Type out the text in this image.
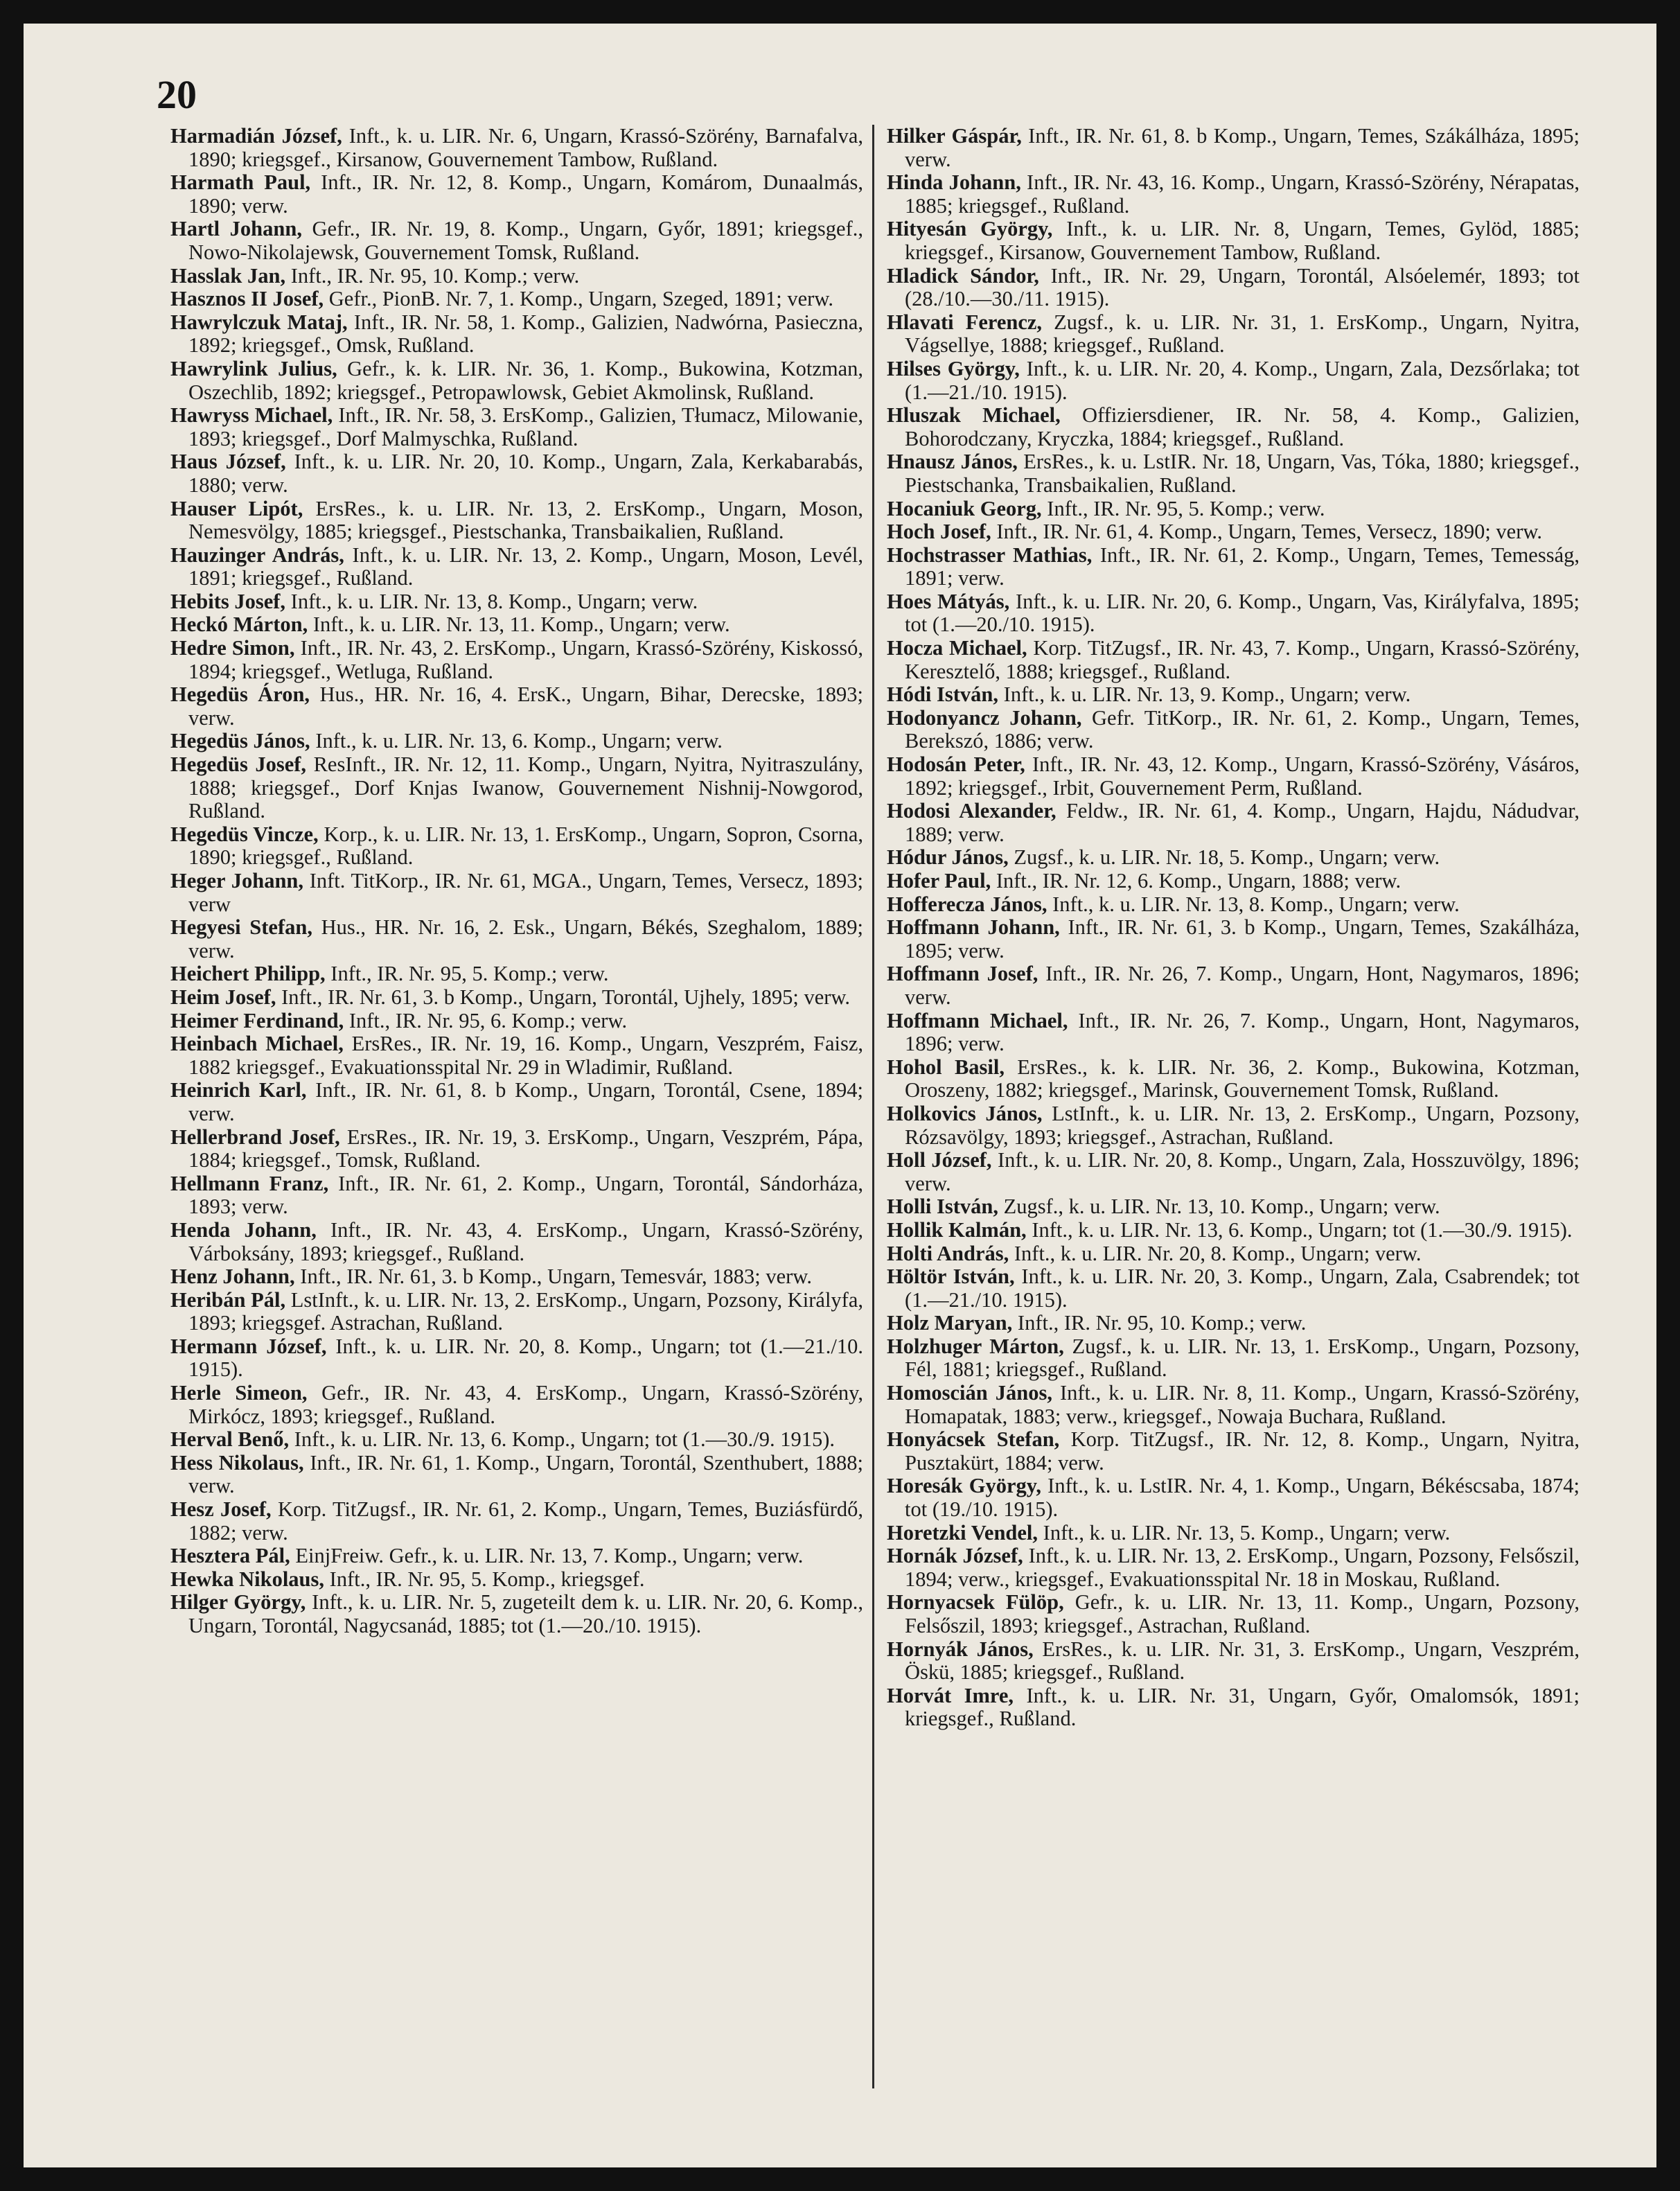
20

Harmadián József, Inft., k. u. LIR. Nr. 6, Ungarn, Krassó-Szörény, Barnafalva, 1890; kriegsgef., Kirsanow, Gouvernement Tambow, Rußland.

Harmath Paul, Inft., IR. Nr. 12, 8. Komp., Ungarn, Komárom, Dunaalmás, 1890; verw.

Hartl Johann, Gefr., IR. Nr. 19, 8. Komp., Ungarn, Győr, 1891; kriegsgef., Nowo-Nikolajewsk, Gouvernement Tomsk, Rußland.

Hasslak Jan, Inft., IR. Nr. 95, 10. Komp.; verw.

Hasznos II Josef, Gefr., PionB. Nr. 7, 1. Komp., Ungarn, Szeged, 1891; verw.

Hawrylczuk Mataj, Inft., IR. Nr. 58, 1. Komp., Galizien, Nadwórna, Pasieczna, 1892; kriegsgef., Omsk, Rußland.

Hawrylink Julius, Gefr., k. k. LIR. Nr. 36, 1. Komp., Bukowina, Kotzman, Oszechlib, 1892; kriegsgef., Petropawlowsk, Gebiet Akmolinsk, Rußland.

Hawryss Michael, Inft., IR. Nr. 58, 3. ErsKomp., Galizien, Tłumacz, Milowanie, 1893; kriegsgef., Dorf Malmyschka, Rußland.

Haus József, Inft., k. u. LIR. Nr. 20, 10. Komp., Ungarn, Zala, Kerkabarabás, 1880; verw.

Hauser Lipót, ErsRes., k. u. LIR. Nr. 13, 2. ErsKomp., Ungarn, Moson, Nemesvölgy, 1885; kriegsgef., Piestschanka, Transbaikalien, Rußland.

Hauzinger András, Inft., k. u. LIR. Nr. 13, 2. Komp., Ungarn, Moson, Levél, 1891; kriegsgef., Rußland.

Hebits Josef, Inft., k. u. LIR. Nr. 13, 8. Komp., Ungarn; verw.

Heckó Márton, Inft., k. u. LIR. Nr. 13, 11. Komp., Ungarn; verw.

Hedre Simon, Inft., IR. Nr. 43, 2. ErsKomp., Ungarn, Krassó-Szörény, Kiskossó, 1894; kriegsgef., Wetluga, Rußland.

Hegedüs Áron, Hus., HR. Nr. 16, 4. ErsK., Ungarn, Bihar, Derecske, 1893; verw.

Hegedüs János, Inft., k. u. LIR. Nr. 13, 6. Komp., Ungarn; verw.

Hegedüs Josef, ResInft., IR. Nr. 12, 11. Komp., Ungarn, Nyitra, Nyitraszulány, 1888; kriegsgef., Dorf Knjas Iwanow, Gouvernement Nishnij-Nowgorod, Rußland.

Hegedüs Vincze, Korp., k. u. LIR. Nr. 13, 1. ErsKomp., Ungarn, Sopron, Csorna, 1890; kriegsgef., Rußland.

Heger Johann, Inft. TitKorp., IR. Nr. 61, MGA., Ungarn, Temes, Versecz, 1893; verw

Hegyesi Stefan, Hus., HR. Nr. 16, 2. Esk., Ungarn, Békés, Szeghalom, 1889; verw.

Heichert Philipp, Inft., IR. Nr. 95, 5. Komp.; verw.

Heim Josef, Inft., IR. Nr. 61, 3. b Komp., Ungarn, Torontál, Ujhely, 1895; verw.

Heimer Ferdinand, Inft., IR. Nr. 95, 6. Komp.; verw.

Heinbach Michael, ErsRes., IR. Nr. 19, 16. Komp., Ungarn, Veszprém, Faisz, 1882 kriegsgef., Evakuationsspital Nr. 29 in Wladimir, Rußland.

Heinrich Karl, Inft., IR. Nr. 61, 8. b Komp., Ungarn, Torontál, Csene, 1894; verw.

Hellerbrand Josef, ErsRes., IR. Nr. 19, 3. ErsKomp., Ungarn, Veszprém, Pápa, 1884; kriegsgef., Tomsk, Rußland.

Hellmann Franz, Inft., IR. Nr. 61, 2. Komp., Ungarn, Torontál, Sándorháza, 1893; verw.

Henda Johann, Inft., IR. Nr. 43, 4. ErsKomp., Ungarn, Krassó-Szörény, Várboksány, 1893; kriegsgef., Rußland.

Henz Johann, Inft., IR. Nr. 61, 3. b Komp., Ungarn, Temesvár, 1883; verw.

Heribán Pál, LstInft., k. u. LIR. Nr. 13, 2. ErsKomp., Ungarn, Pozsony, Királyfa, 1893; kriegsgef. Astrachan, Rußland.

Hermann József, Inft., k. u. LIR. Nr. 20, 8. Komp., Ungarn; tot (1.—21./10. 1915).

Herle Simeon, Gefr., IR. Nr. 43, 4. ErsKomp., Ungarn, Krassó-Szörény, Mirkócz, 1893; kriegsgef., Rußland.

Herval Benő, Inft., k. u. LIR. Nr. 13, 6. Komp., Ungarn; tot (1.—30./9. 1915).

Hess Nikolaus, Inft., IR. Nr. 61, 1. Komp., Ungarn, Torontál, Szenthubert, 1888; verw.

Hesz Josef, Korp. TitZugsf., IR. Nr. 61, 2. Komp., Ungarn, Temes, Buziásfürdő, 1882; verw.

Hesztera Pál, EinjFreiw. Gefr., k. u. LIR. Nr. 13, 7. Komp., Ungarn; verw.

Hewka Nikolaus, Inft., IR. Nr. 95, 5. Komp., kriegsgef.

Hilger György, Inft., k. u. LIR. Nr. 5, zugeteilt dem k. u. LIR. Nr. 20, 6. Komp., Ungarn, Torontál, Nagycsanád, 1885; tot (1.—20./10. 1915).

Hilker Gáspár, Inft., IR. Nr. 61, 8. b Komp., Ungarn, Temes, Szákálháza, 1895; verw.

Hinda Johann, Inft., IR. Nr. 43, 16. Komp., Ungarn, Krassó-Szörény, Nérapatas, 1885; kriegsgef., Rußland.

Hityesán György, Inft., k. u. LIR. Nr. 8, Ungarn, Temes, Gylöd, 1885; kriegsgef., Kirsanow, Gouvernement Tambow, Rußland.

Hladick Sándor, Inft., IR. Nr. 29, Ungarn, Torontál, Alsóelemér, 1893; tot (28./10.—30./11. 1915).

Hlavati Ferencz, Zugsf., k. u. LIR. Nr. 31, 1. ErsKomp., Ungarn, Nyitra, Vágsellye, 1888; kriegsgef., Rußland.

Hilses György, Inft., k. u. LIR. Nr. 20, 4. Komp., Ungarn, Zala, Dezsőrlaka; tot (1.—21./10. 1915).

Hluszak Michael, Offiziersdiener, IR. Nr. 58, 4. Komp., Galizien, Bohorodczany, Kryczka, 1884; kriegsgef., Rußland.

Hnausz János, ErsRes., k. u. LstIR. Nr. 18, Ungarn, Vas, Tóka, 1880; kriegsgef., Piestschanka, Transbaikalien, Rußland.

Hocaniuk Georg, Inft., IR. Nr. 95, 5. Komp.; verw.

Hoch Josef, Inft., IR. Nr. 61, 4. Komp., Ungarn, Temes, Versecz, 1890; verw.

Hochstrasser Mathias, Inft., IR. Nr. 61, 2. Komp., Ungarn, Temes, Temesság, 1891; verw.

Hoes Mátyás, Inft., k. u. LIR. Nr. 20, 6. Komp., Ungarn, Vas, Királyfalva, 1895; tot (1.—20./10. 1915).

Hocza Michael, Korp. TitZugsf., IR. Nr. 43, 7. Komp., Ungarn, Krassó-Szörény, Keresztelő, 1888; kriegsgef., Rußland.

Hódi István, Inft., k. u. LIR. Nr. 13, 9. Komp., Ungarn; verw.

Hodonyancz Johann, Gefr. TitKorp., IR. Nr. 61, 2. Komp., Ungarn, Temes, Berekszó, 1886; verw.

Hodosán Peter, Inft., IR. Nr. 43, 12. Komp., Ungarn, Krassó-Szörény, Vásáros, 1892; kriegsgef., Irbit, Gouvernement Perm, Rußland.

Hodosi Alexander, Feldw., IR. Nr. 61, 4. Komp., Ungarn, Hajdu, Nádudvar, 1889; verw.

Hódur János, Zugsf., k. u. LIR. Nr. 18, 5. Komp., Ungarn; verw.

Hofer Paul, Inft., IR. Nr. 12, 6. Komp., Ungarn, 1888; verw.

Hofferecza János, Inft., k. u. LIR. Nr. 13, 8. Komp., Ungarn; verw.

Hoffmann Johann, Inft., IR. Nr. 61, 3. b Komp., Ungarn, Temes, Szakálháza, 1895; verw.

Hoffmann Josef, Inft., IR. Nr. 26, 7. Komp., Ungarn, Hont, Nagymaros, 1896; verw.

Hoffmann Michael, Inft., IR. Nr. 26, 7. Komp., Ungarn, Hont, Nagymaros, 1896; verw.

Hohol Basil, ErsRes., k. k. LIR. Nr. 36, 2. Komp., Bukowina, Kotzman, Oroszeny, 1882; kriegsgef., Marinsk, Gouvernement Tomsk, Rußland.

Holkovics János, LstInft., k. u. LIR. Nr. 13, 2. ErsKomp., Ungarn, Pozsony, Rózsavölgy, 1893; kriegsgef., Astrachan, Rußland.

Holl József, Inft., k. u. LIR. Nr. 20, 8. Komp., Ungarn, Zala, Hosszuvölgy, 1896; verw.

Holli István, Zugsf., k. u. LIR. Nr. 13, 10. Komp., Ungarn; verw.

Hollik Kalmán, Inft., k. u. LIR. Nr. 13, 6. Komp., Ungarn; tot (1.—30./9. 1915).

Holti András, Inft., k. u. LIR. Nr. 20, 8. Komp., Ungarn; verw.

Höltör István, Inft., k. u. LIR. Nr. 20, 3. Komp., Ungarn, Zala, Csabrendek; tot (1.—21./10. 1915).

Holz Maryan, Inft., IR. Nr. 95, 10. Komp.; verw.

Holzhuger Márton, Zugsf., k. u. LIR. Nr. 13, 1. ErsKomp., Ungarn, Pozsony, Fél, 1881; kriegsgef., Rußland.

Homoscián János, Inft., k. u. LIR. Nr. 8, 11. Komp., Ungarn, Krassó-Szörény, Homapatak, 1883; verw., kriegsgef., Nowaja Buchara, Rußland.

Honyácsek Stefan, Korp. TitZugsf., IR. Nr. 12, 8. Komp., Ungarn, Nyitra, Pusztakürt, 1884; verw.

Horesák György, Inft., k. u. LstIR. Nr. 4, 1. Komp., Ungarn, Békéscsaba, 1874; tot (19./10. 1915).

Horetzki Vendel, Inft., k. u. LIR. Nr. 13, 5. Komp., Ungarn; verw.

Hornák József, Inft., k. u. LIR. Nr. 13, 2. ErsKomp., Ungarn, Pozsony, Felsőszil, 1894; verw., kriegsgef., Evakuationsspital Nr. 18 in Moskau, Rußland.

Hornyacsek Fülöp, Gefr., k. u. LIR. Nr. 13, 11. Komp., Ungarn, Pozsony, Felsőszil, 1893; kriegsgef., Astrachan, Rußland.

Hornyák János, ErsRes., k. u. LIR. Nr. 31, 3. ErsKomp., Ungarn, Veszprém, Öskü, 1885; kriegsgef., Rußland.

Horvát Imre, Inft., k. u. LIR. Nr. 31, Ungarn, Győr, Omalomsók, 1891; kriegsgef., Rußland.
